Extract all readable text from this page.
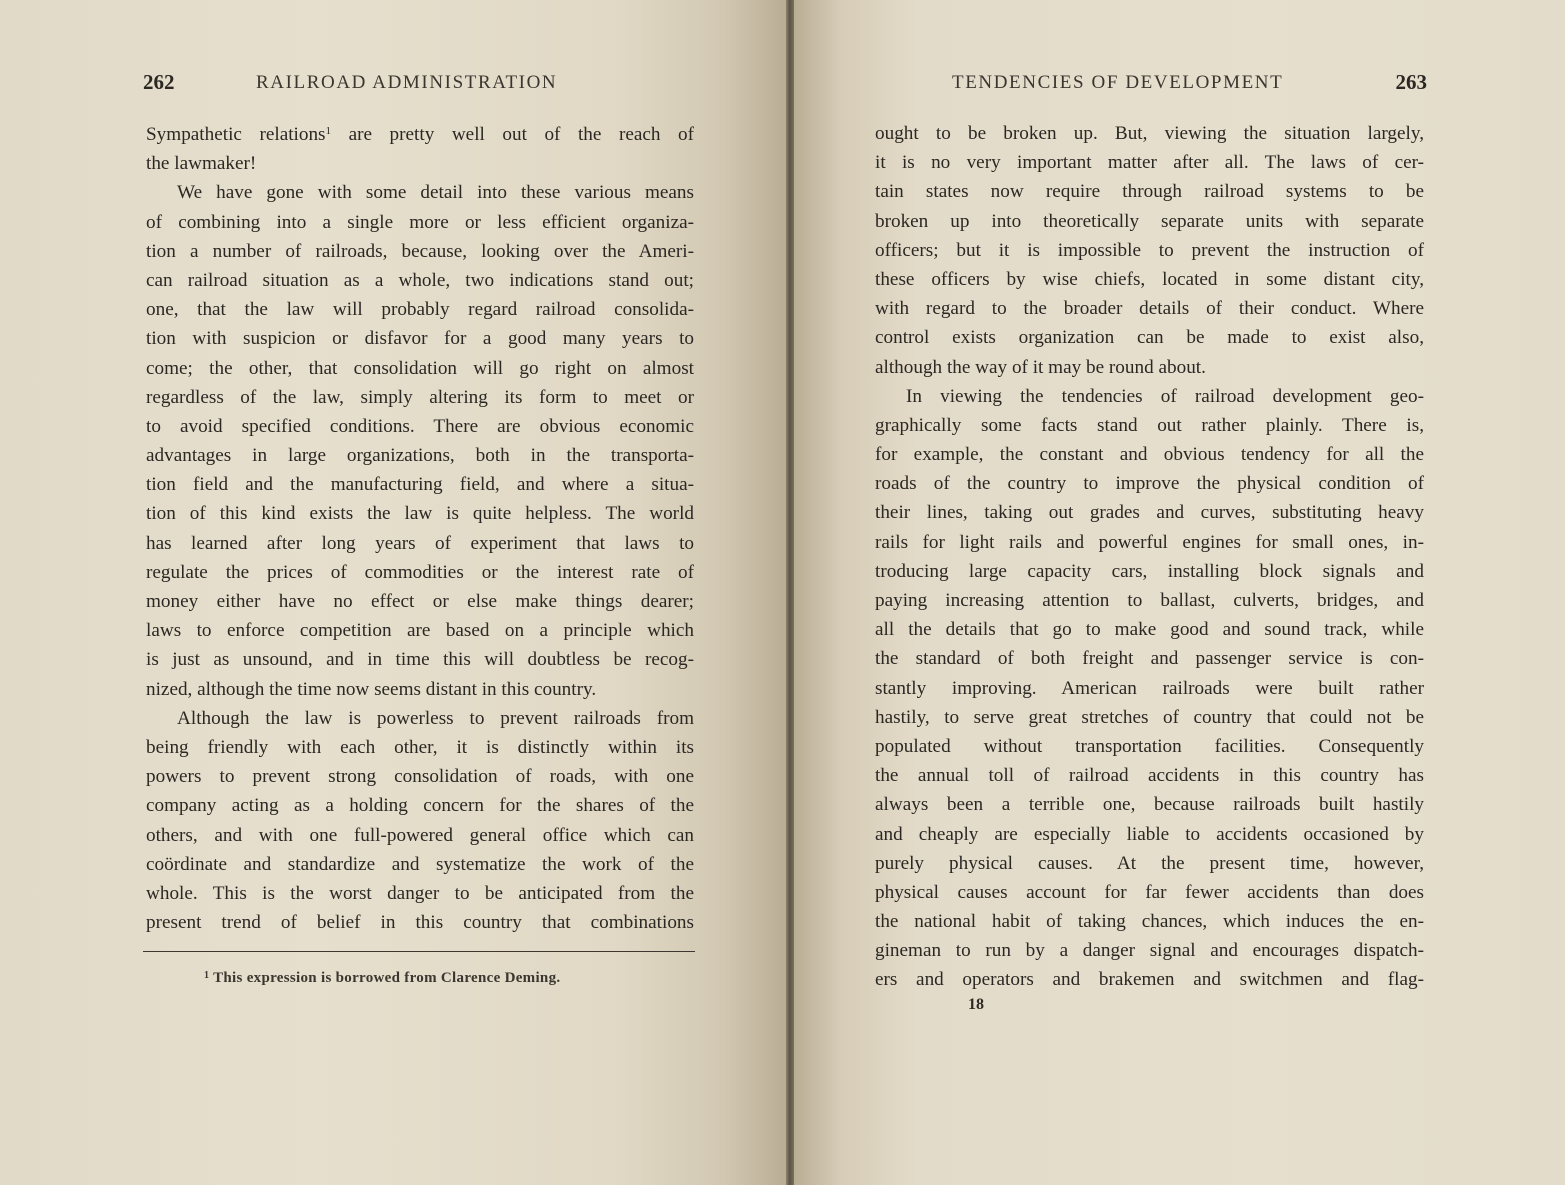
262	RAILROAD ADMINISTRATION
Sympathetic relations$^1$ are pretty well out of the reach of
the lawmaker!
We have gone with some detail into these various means
of combining into a single more or less efficient organiza-
tion a number of railroads, because, looking over the Ameri-
can railroad situation as a whole, two indications stand out;
one, that the law will probably regard railroad consolida-
tion with suspicion or disfavor for a good many years to
come; the other, that consolidation will go right on almost
regardless of the law, simply altering its form to meet or
to avoid specified conditions. There are obvious economic
advantages in large organizations, both in the transporta-
tion field and the manufacturing field, and where a situa-
tion of this kind exists the law is quite helpless. The world
has learned after long years of experiment that laws to
regulate the prices of commodities or the interest rate of
money either have no effect or else make things dearer;
laws to enforce competition are based on a principle which
is just as unsound, and in time this will doubtless be recog-
nized, although the time now seems distant in this country.
Although the law is powerless to prevent railroads from
being friendly with each other, it is distinctly within its
powers to prevent strong consolidation of roads, with one
company acting as a holding concern for the shares of the
others, and with one full-powered general office which can
coördinate and standardize and systematize the work of the
whole. This is the worst danger to be anticipated from the
present trend of belief in this country that combinations
$^1$ This expression is borrowed from Clarence Deming.
TENDENCIES OF DEVELOPMENT	263
ought to be broken up. But, viewing the situation largely,
it is no very important matter after all. The laws of cer-
tain states now require through railroad systems to be
broken up into theoretically separate units with separate
officers; but it is impossible to prevent the instruction of
these officers by wise chiefs, located in some distant city,
with regard to the broader details of their conduct. Where
control exists organization can be made to exist also,
although the way of it may be round about.
In viewing the tendencies of railroad development geo-
graphically some facts stand out rather plainly. There is,
for example, the constant and obvious tendency for all the
roads of the country to improve the physical condition of
their lines, taking out grades and curves, substituting heavy
rails for light rails and powerful engines for small ones, in-
troducing large capacity cars, installing block signals and
paying increasing attention to ballast, culverts, bridges, and
all the details that go to make good and sound track, while
the standard of both freight and passenger service is con-
stantly improving. American railroads were built rather
hastily, to serve great stretches of country that could not be
populated without transportation facilities. Consequently
the annual toll of railroad accidents in this country has
always been a terrible one, because railroads built hastily
and cheaply are especially liable to accidents occasioned by
purely physical causes. At the present time, however,
physical causes account for far fewer accidents than does
the national habit of taking chances, which induces the en-
gineman to run by a danger signal and encourages dispatch-
ers and operators and brakemen and switchmen and flag-
18
